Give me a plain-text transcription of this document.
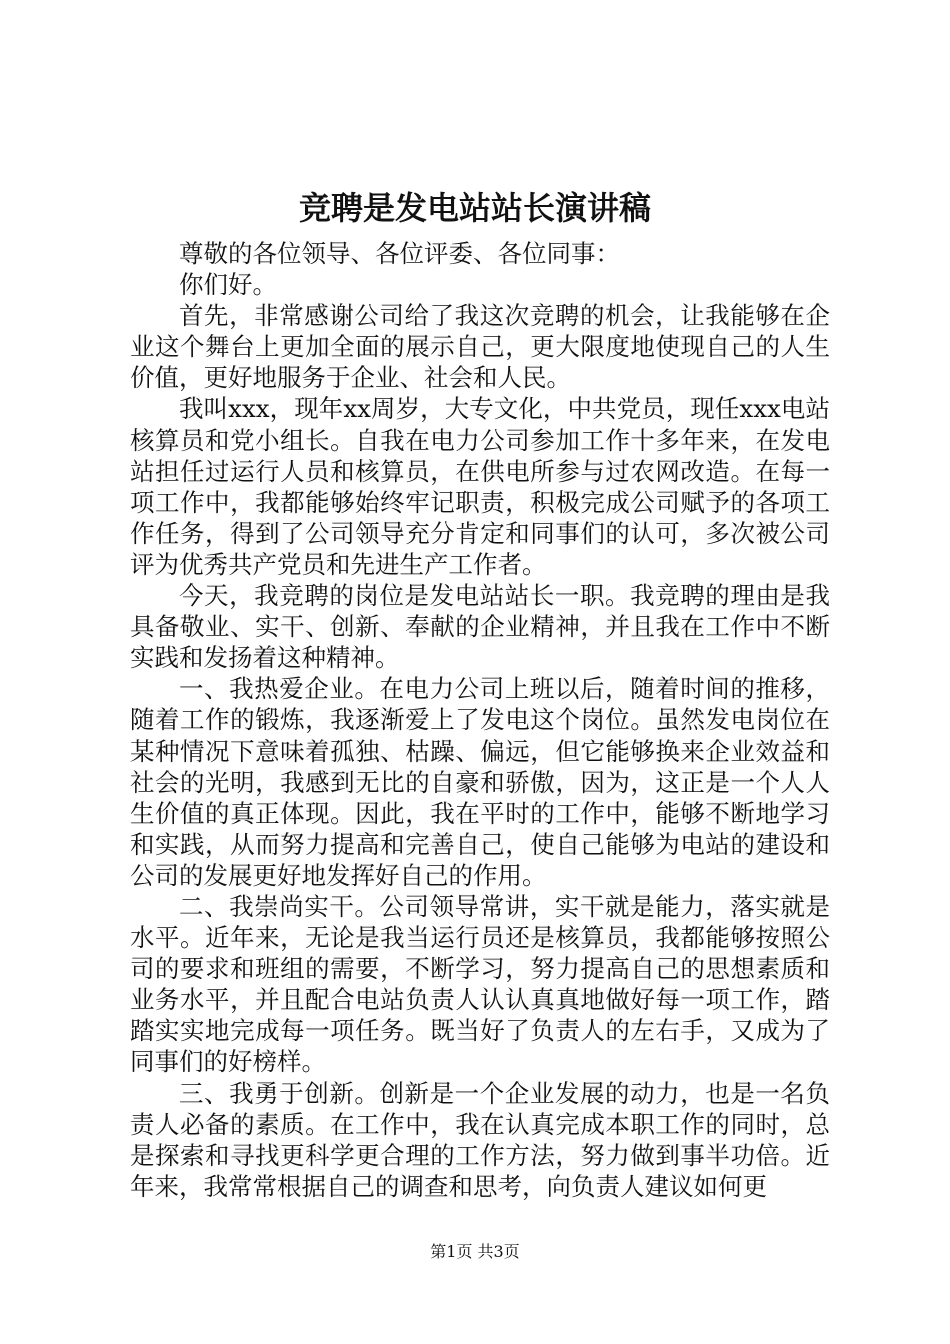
竞聘是发电站站长演讲稿

尊敬的各位领导、各位评委、各位同事：

你们好。

首先，非常感谢公司给了我这次竞聘的机会，让我能够在企业这个舞台上更加全面的展示自己，更大限度地使现自己的人生价值，更好地服务于企业、社会和人民。

我叫xxx，现年xx周岁，大专文化，中共党员，现任xxx电站核算员和党小组长。自我在电力公司参加工作十多年来，在发电站担任过运行人员和核算员，在供电所参与过农网改造。在每一项工作中，我都能够始终牢记职责，积极完成公司赋予的各项工作任务，得到了公司领导充分肯定和同事们的认可，多次被公司评为优秀共产党员和先进生产工作者。

今天，我竞聘的岗位是发电站站长一职。我竞聘的理由是我具备敬业、实干、创新、奉献的企业精神，并且我在工作中不断实践和发扬着这种精神。

一、我热爱企业。在电力公司上班以后，随着时间的推移，随着工作的锻炼，我逐渐爱上了发电这个岗位。虽然发电岗位在某种情况下意味着孤独、枯躁、偏远，但它能够换来企业效益和社会的光明，我感到无比的自豪和骄傲，因为，这正是一个人人生价值的真正体现。因此，我在平时的工作中，能够不断地学习和实践，从而努力提高和完善自己，使自己能够为电站的建设和公司的发展更好地发挥好自己的作用。

二、我崇尚实干。公司领导常讲，实干就是能力，落实就是水平。近年来，无论是我当运行员还是核算员，我都能够按照公司的要求和班组的需要，不断学习，努力提高自己的思想素质和业务水平，并且配合电站负责人认认真真地做好每一项工作，踏踏实实地完成每一项任务。既当好了负责人的左右手，又成为了同事们的好榜样。

三、我勇于创新。创新是一个企业发展的动力，也是一名负责人必备的素质。在工作中，我在认真完成本职工作的同时，总是探索和寻找更科学更合理的工作方法，努力做到事半功倍。近年来，我常常根据自己的调查和思考，向负责人建议如何更

第1页 共3页
